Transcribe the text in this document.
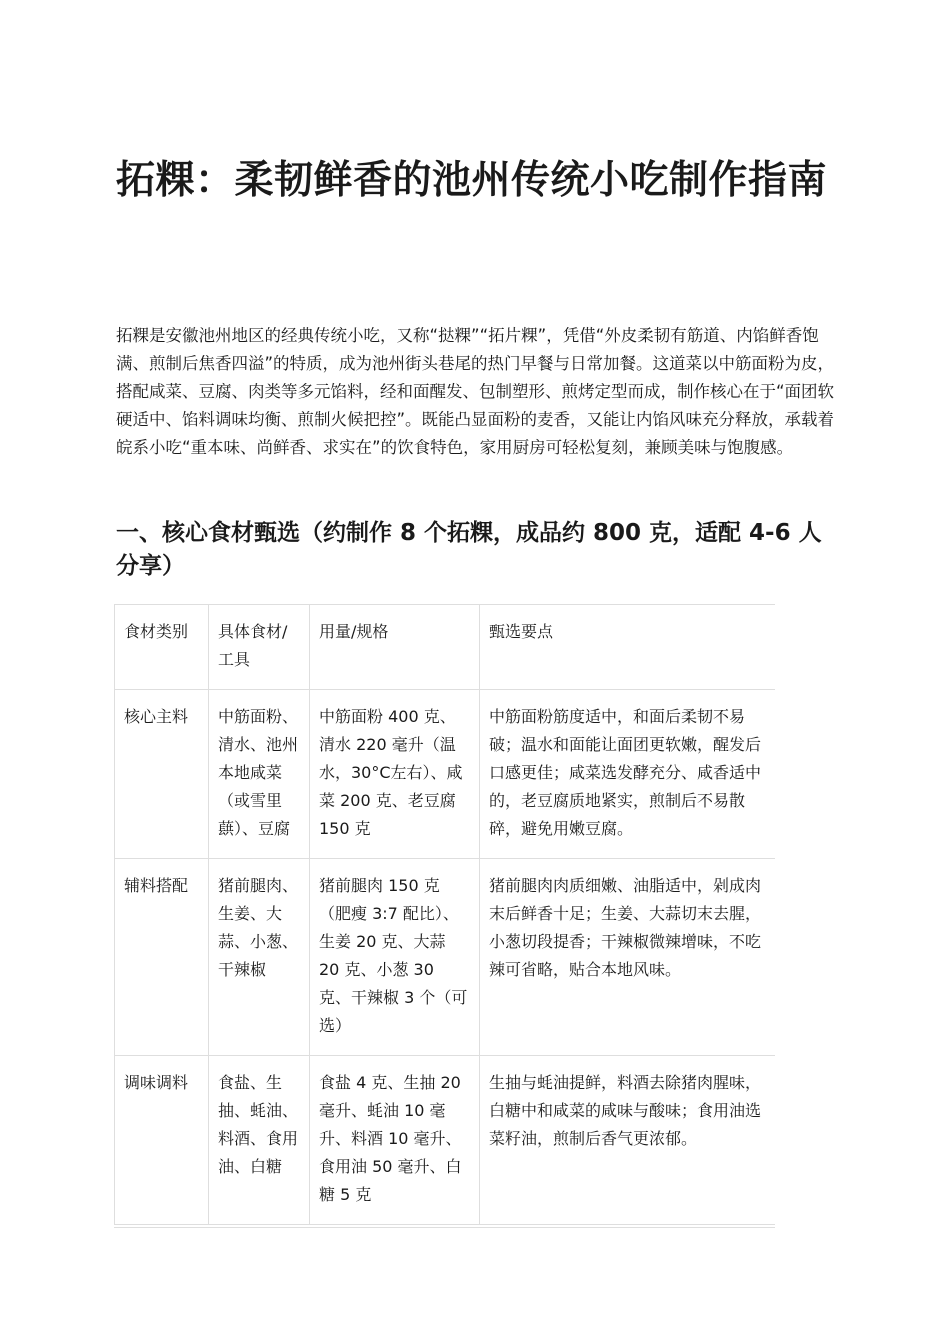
拓粿：柔韧鲜香的池州传统小吃制作指南

拓粿是安徽池州地区的经典传统小吃，又称“挞粿”“拓片粿”，凭借“外皮柔韧有筋道、内馅鲜香饱满、煎制后焦香四溢”的特质，成为池州街头巷尾的热门早餐与日常加餐。这道菜以中筋面粉为皮，搭配咸菜、豆腐、肉类等多元馅料，经和面醒发、包制塑形、煎烤定型而成，制作核心在于“面团软硬适中、馅料调味均衡、煎制火候把控”。既能凸显面粉的麦香，又能让内馅风味充分释放，承载着皖系小吃“重本味、尚鲜香、求实在”的饮食特色，家用厨房可轻松复刻，兼顾美味与饱腹感。

一、核心食材甄选（约制作 8 个拓粿，成品约 800 克，适配 4-6 人分享）
食材类别	具体食材/工具	用量/规格	甄选要点
核心主料	中筋面粉、清水、池州本地咸菜（或雪里蕻）、豆腐	中筋面粉 400 克、清水 220 毫升（温水，30°C左右）、咸菜 200 克、老豆腐 150 克	中筋面粉筋度适中，和面后柔韧不易破；温水和面能让面团更软嫩，醒发后口感更佳；咸菜选发酵充分、咸香适中的，老豆腐质地紧实，煎制后不易散碎，避免用嫩豆腐。
辅料搭配	猪前腿肉、生姜、大蒜、小葱、干辣椒	猪前腿肉 150 克（肥瘦 3:7 配比）、生姜 20 克、大蒜 20 克、小葱 30 克、干辣椒 3 个（可选）	猪前腿肉肉质细嫩、油脂适中，剁成肉末后鲜香十足；生姜、大蒜切末去腥，小葱切段提香；干辣椒微辣增味，不吃辣可省略，贴合本地风味。
调味调料	食盐、生抽、蚝油、料酒、食用油、白糖	食盐 4 克、生抽 20 毫升、蚝油 10 毫升、料酒 10 毫升、食用油 50 毫升、白糖 5 克	生抽与蚝油提鲜，料酒去除猪肉腥味，白糖中和咸菜的咸味与酸味；食用油选菜籽油，煎制后香气更浓郁。
